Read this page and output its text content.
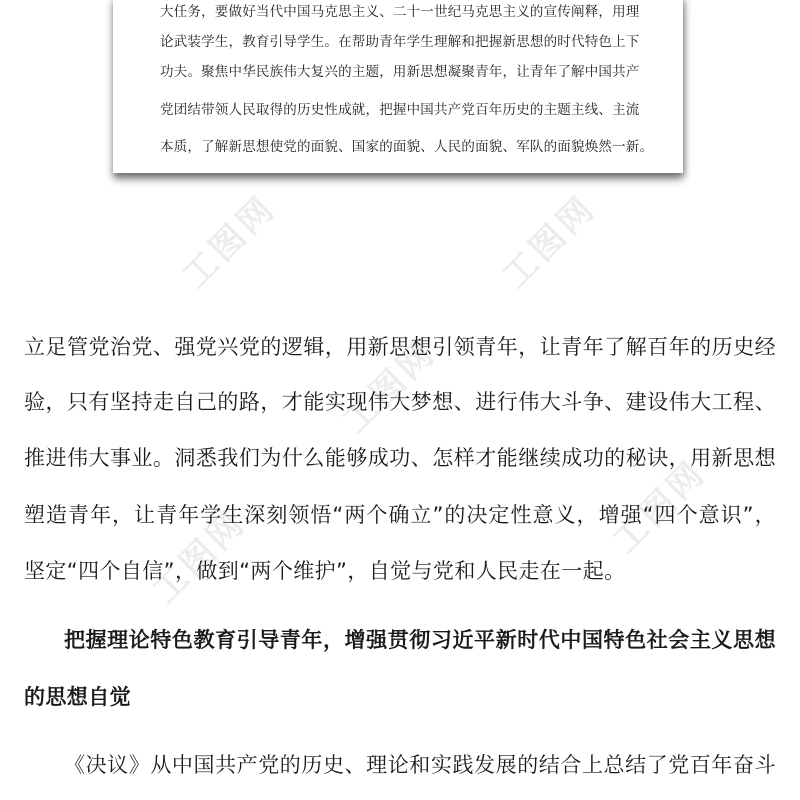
大任务，要做好当代中国马克思主义、二十一世纪马克思主义的宣传阐释，用理
论武装学生，教育引导学生。在帮助青年学生理解和把握新思想的时代特色上下
功夫。聚焦中华民族伟大复兴的主题，用新思想凝聚青年，让青年了解中国共产
党团结带领人民取得的历史性成就，把握中国共产党百年历史的主题主线、主流
本质，了解新思想使党的面貌、国家的面貌、人民的面貌、军队的面貌焕然一新。
工图网	工图网
工图网
工图网
工图网
立足管党治党、强党兴党的逻辑，用新思想引领青年，让青年了解百年的历史经
验，只有坚持走自己的路，才能实现伟大梦想、进行伟大斗争、建设伟大工程、
推进伟大事业。洞悉我们为什么能够成功、怎样才能继续成功的秘诀，用新思想
塑造青年，让青年学生深刻领悟“两个确立”的决定性意义，增强“四个意识”，
坚定“四个自信”，做到“两个维护”，自觉与党和人民走在一起。
把握理论特色教育引导青年，增强贯彻习近平新时代中国特色社会主义思想
的思想自觉
《决议》从中国共产党的历史、理论和实践发展的结合上总结了党百年奋斗
